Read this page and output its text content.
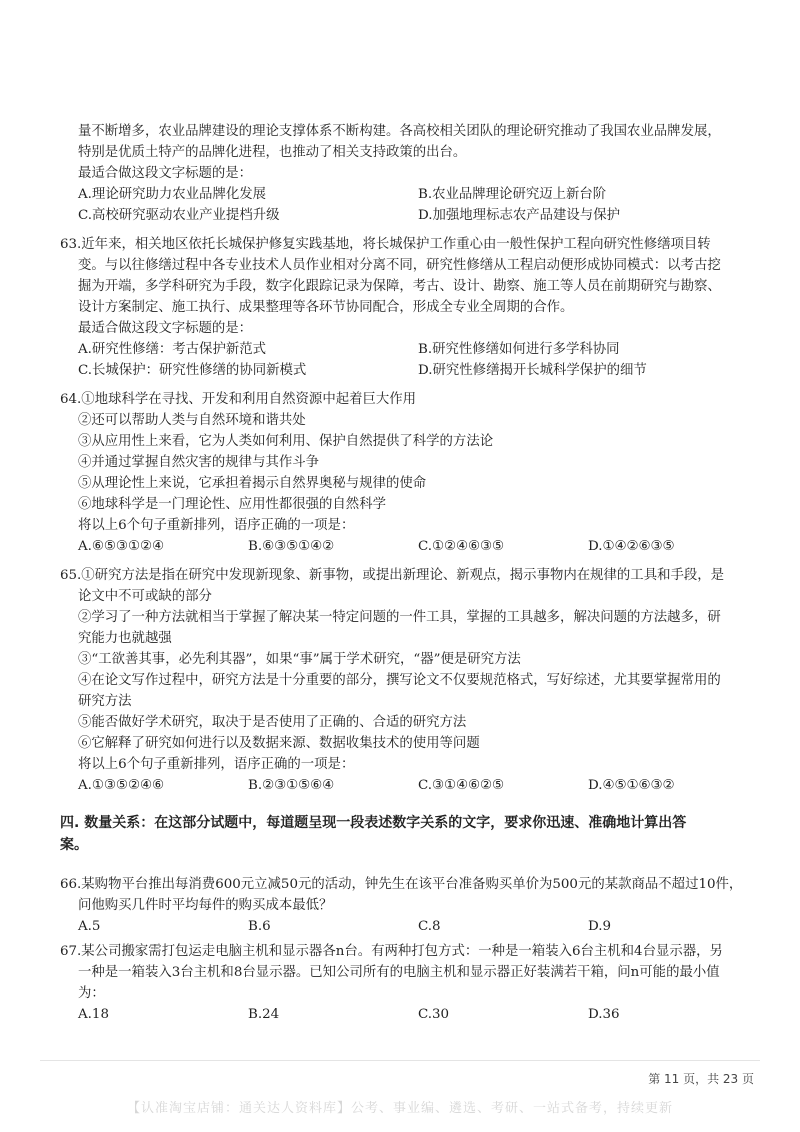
量不断增多，农业品牌建设的理论支撑体系不断构建。各高校相关团队的理论研究推动了我国农业品牌发展，

特别是优质土特产的品牌化进程，也推动了相关支持政策的出台。

最适合做这段文字标题的是：

A.理论研究助力农业品牌化发展	B.农业品牌理论研究迈上新台阶
C.高校研究驱动农业产业提档升级	D.加强地理标志农产品建设与保护

63.近年来，相关地区依托长城保护修复实践基地，将长城保护工作重心由一般性保护工程向研究性修缮项目转

变。与以往修缮过程中各专业技术人员作业相对分离不同，研究性修缮从工程启动便形成协同模式：以考古挖

掘为开端，多学科研究为手段，数字化跟踪记录为保障，考古、设计、勘察、施工等人员在前期研究与勘察、

设计方案制定、施工执行、成果整理等各环节协同配合，形成全专业全周期的合作。

最适合做这段文字标题的是：

A.研究性修缮：考古保护新范式	B.研究性修缮如何进行多学科协同
C.长城保护：研究性修缮的协同新模式	D.研究性修缮揭开长城科学保护的细节

64.①地球科学在寻找、开发和利用自然资源中起着巨大作用

②还可以帮助人类与自然环境和谐共处

③从应用性上来看，它为人类如何利用、保护自然提供了科学的方法论

④并通过掌握自然灾害的规律与其作斗争

⑤从理论性上来说，它承担着揭示自然界奥秘与规律的使命

⑥地球科学是一门理论性、应用性都很强的自然科学

将以上6个句子重新排列，语序正确的一项是：

A.⑥⑤③①②④	B.⑥③⑤①④②	C.①②④⑥③⑤	D.①④②⑥③⑤

65.①研究方法是指在研究中发现新现象、新事物，或提出新理论、新观点，揭示事物内在规律的工具和手段，是

论文中不可或缺的部分

②学习了一种方法就相当于掌握了解决某一特定问题的一件工具，掌握的工具越多，解决问题的方法越多，研

究能力也就越强

③“工欲善其事，必先利其器”，如果“事”属于学术研究，“器”便是研究方法

④在论文写作过程中，研究方法是十分重要的部分，撰写论文不仅要规范格式，写好综述，尤其要掌握常用的

研究方法

⑤能否做好学术研究，取决于是否使用了正确的、合适的研究方法

⑥它解释了研究如何进行以及数据来源、数据收集技术的使用等问题

将以上6个句子重新排列，语序正确的一项是：

A.①③⑤②④⑥	B.②③①⑤⑥④	C.③①④⑥②⑤	D.④⑤①⑥③②

四. 数量关系：在这部分试题中，每道题呈现一段表述数字关系的文字，要求你迅速、准确地计算出答

案。

66.某购物平台推出每消费600元立减50元的活动，钟先生在该平台准备购买单价为500元的某款商品不超过10件，

问他购买几件时平均每件的购买成本最低？

A.5	B.6	C.8	D.9

67.某公司搬家需打包运走电脑主机和显示器各n台。有两种打包方式：一种是一箱装入6台主机和4台显示器，另

一种是一箱装入3台主机和8台显示器。已知公司所有的电脑主机和显示器正好装满若干箱，问n可能的最小值

为：

A.18	B.24	C.30	D.36
第 11 页，共 23 页
【认准淘宝店铺：通关达人资料库】公考、事业编、遴选、考研、一站式备考，持续更新
